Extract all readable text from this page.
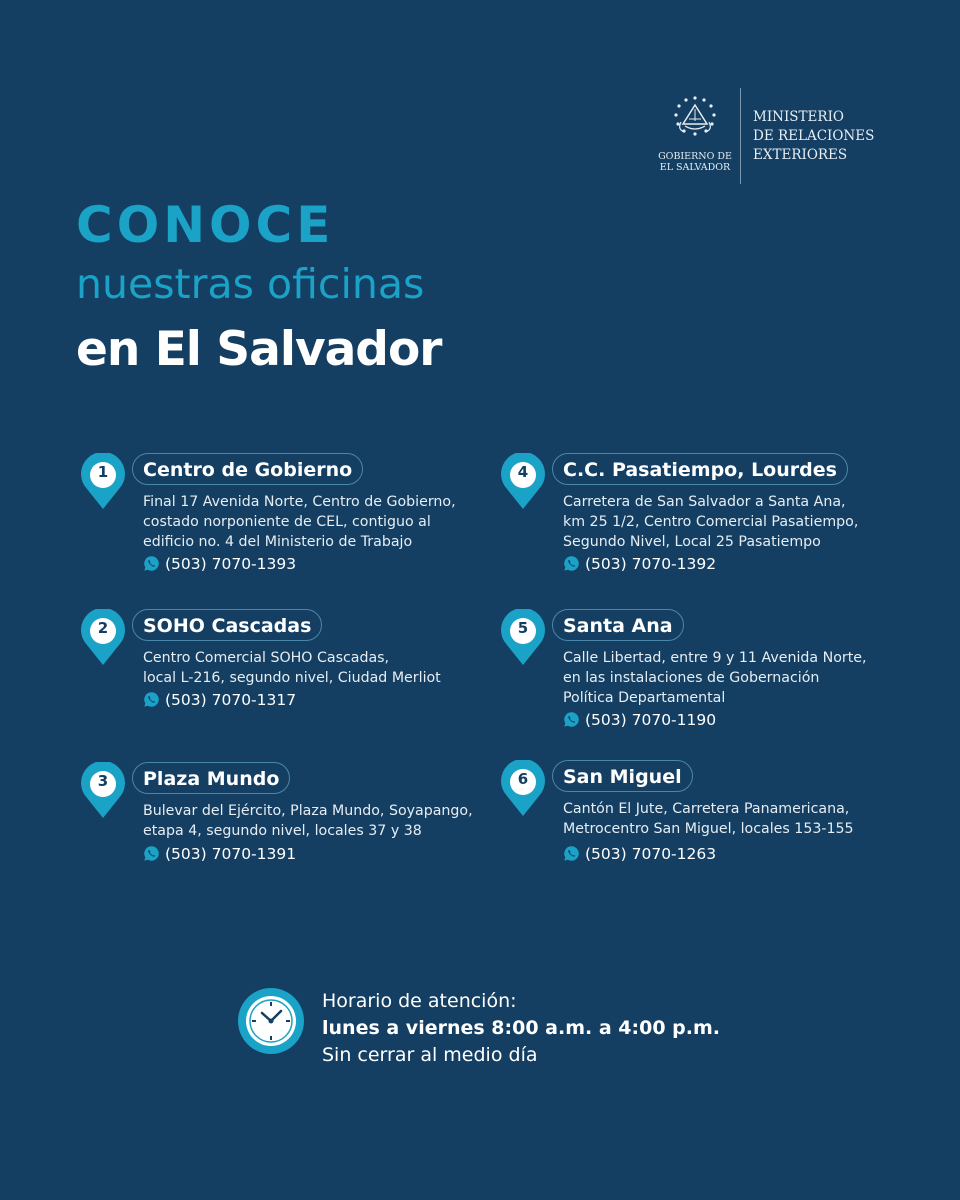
GOBIERNO DE
EL SALVADOR
MINISTERIO
DE RELACIONES
EXTERIORES
CONOCE
nuestras oficinas
en El Salvador
1	Centro de Gobierno
Final 17 Avenida Norte, Centro de Gobierno,
costado norponiente de CEL, contiguo al
edificio no. 4 del Ministerio de Trabajo
(503) 7070-1393
2	SOHO Cascadas
Centro Comercial SOHO Cascadas,
local L-216, segundo nivel, Ciudad Merliot
(503) 7070-1317
3	Plaza Mundo
Bulevar del Ejército, Plaza Mundo, Soyapango,
etapa 4, segundo nivel, locales 37 y 38
(503) 7070-1391
4	C.C. Pasatiempo, Lourdes
Carretera de San Salvador a Santa Ana,
km 25 1/2, Centro Comercial Pasatiempo,
Segundo Nivel, Local 25 Pasatiempo
(503) 7070-1392
5	Santa Ana
Calle Libertad, entre 9 y 11 Avenida Norte,
en las instalaciones de Gobernación
Política Departamental
(503) 7070-1190
6	San Miguel
Cantón El Jute, Carretera Panamericana,
Metrocentro San Miguel, locales 153-155
(503) 7070-1263
Horario de atención:
lunes a viernes 8:00 a.m. a 4:00 p.m.
Sin cerrar al medio día
